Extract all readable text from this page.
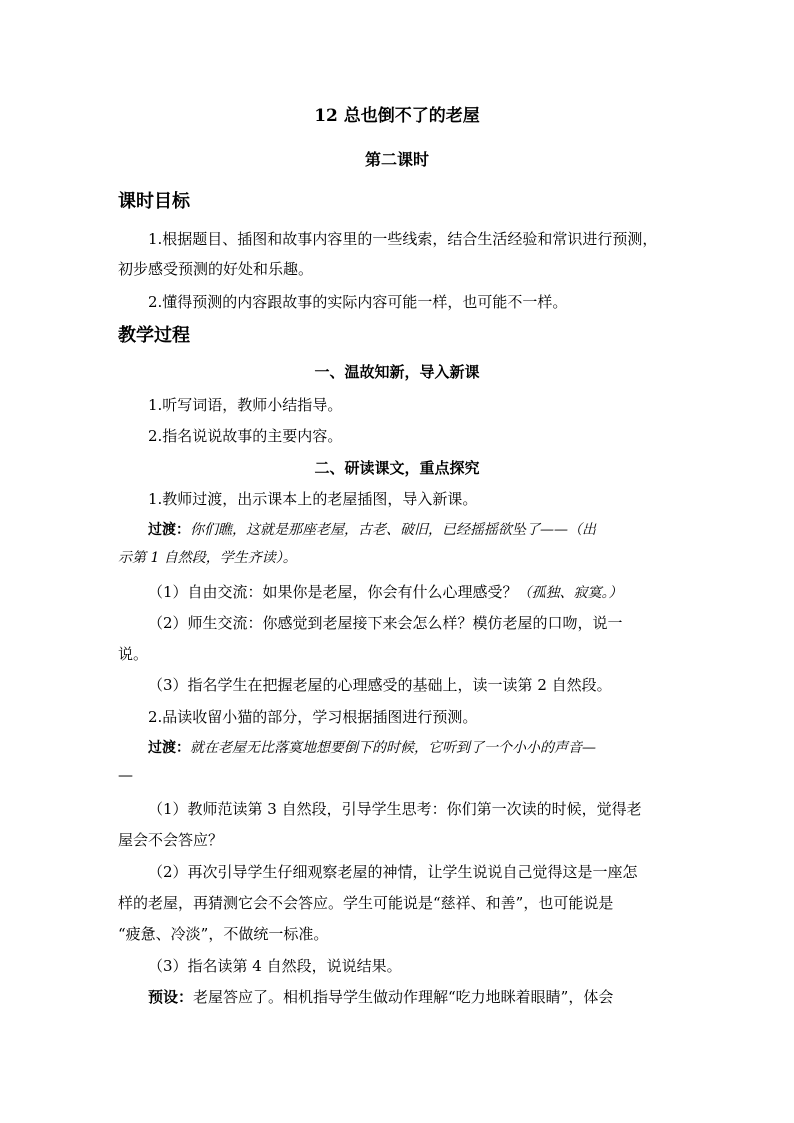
12 总也倒不了的老屋
第二课时
课时目标
1.根据题目、插图和故事内容里的一些线索，结合生活经验和常识进行预测，
初步感受预测的好处和乐趣。
2.懂得预测的内容跟故事的实际内容可能一样，也可能不一样。
教学过程
一、温故知新，导入新课
1.听写词语，教师小结指导。
2.指名说说故事的主要内容。
二、研读课文，重点探究
1.教师过渡，出示课本上的老屋插图，导入新课。
过渡：你们瞧，这就是那座老屋，古老、破旧，已经摇摇欲坠了——（出
示第 1 自然段，学生齐读）。
（1）自由交流：如果你是老屋，你会有什么心理感受？（孤独、寂寞。）
（2）师生交流：你感觉到老屋接下来会怎么样？模仿老屋的口吻，说一
说。
（3）指名学生在把握老屋的心理感受的基础上，读一读第 2 自然段。
2.品读收留小猫的部分，学习根据插图进行预测。
过渡：就在老屋无比落寞地想要倒下的时候，它听到了一个小小的声音—
—
（1）教师范读第 3 自然段，引导学生思考：你们第一次读的时候，觉得老
屋会不会答应？
（2）再次引导学生仔细观察老屋的神情，让学生说说自己觉得这是一座怎
样的老屋，再猜测它会不会答应。学生可能说是“慈祥、和善”，也可能说是
“疲惫、冷淡”，不做统一标准。
（3）指名读第 4 自然段，说说结果。
预设：老屋答应了。相机指导学生做动作理解“吃力地眯着眼睛”，体会
